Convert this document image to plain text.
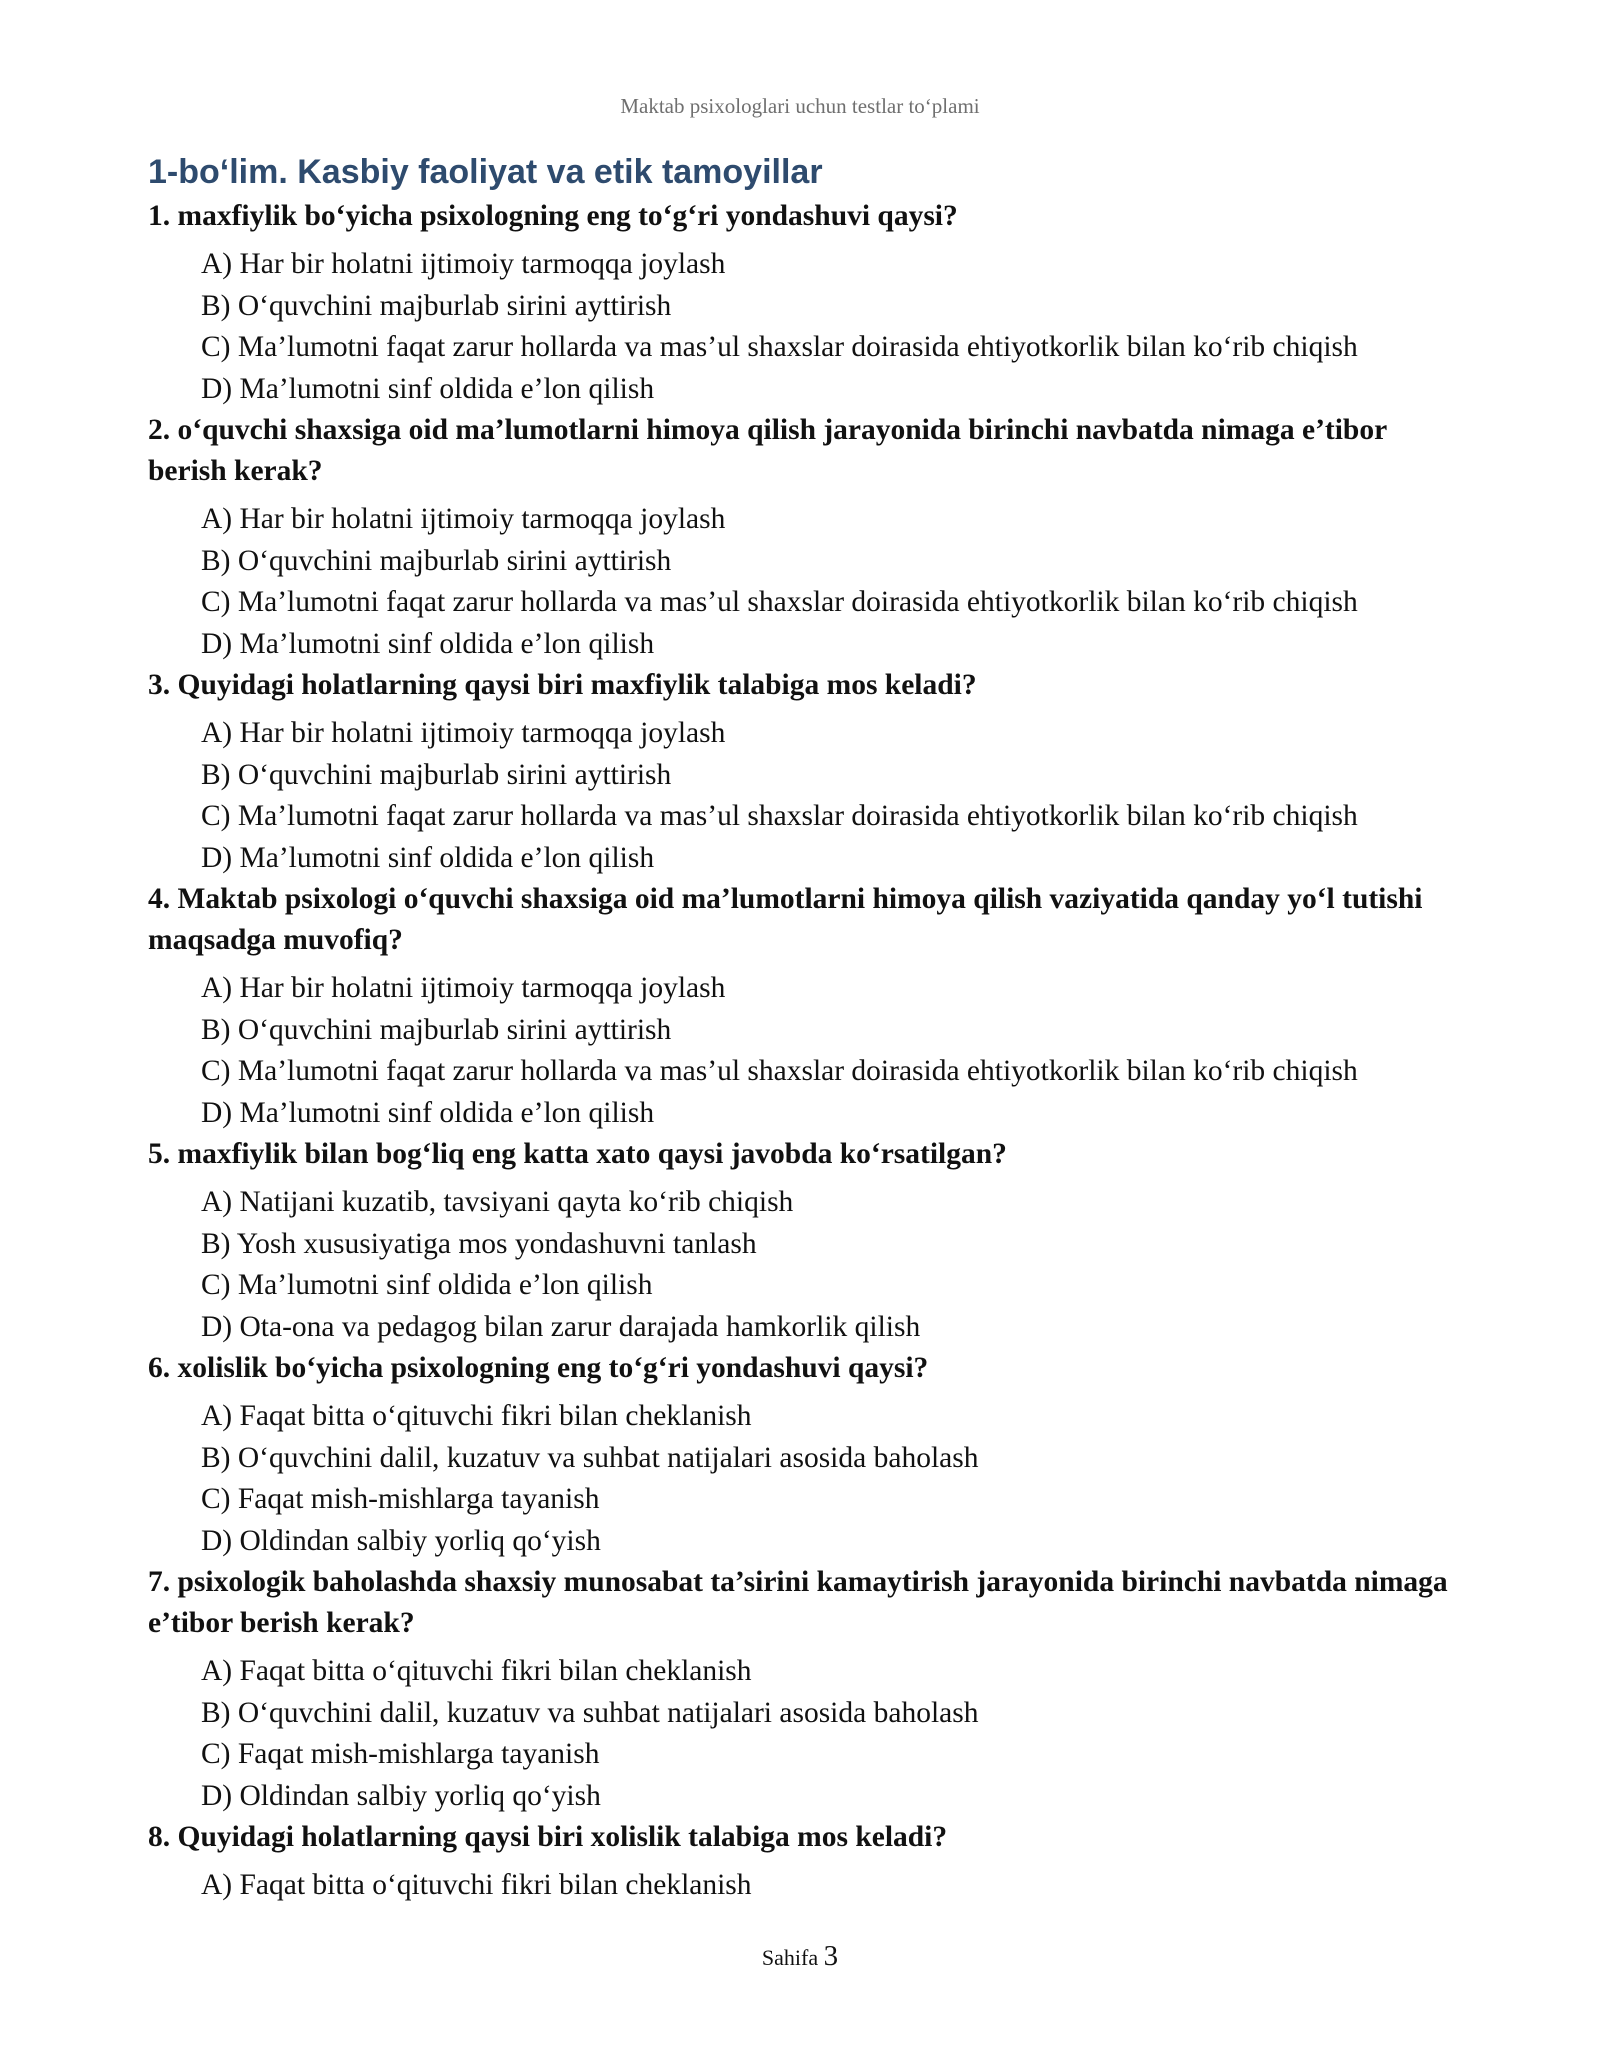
Maktab psixologlari uchun testlar to‘plami
1-bo‘lim. Kasbiy faoliyat va etik tamoyillar
1. maxfiylik bo‘yicha psixologning eng to‘g‘ri yondashuvi qaysi?
A) Har bir holatni ijtimoiy tarmoqqa joylash
B) O‘quvchini majburlab sirini ayttirish
C) Ma’lumotni faqat zarur hollarda va mas’ul shaxslar doirasida ehtiyotkorlik bilan ko‘rib chiqish
D) Ma’lumotni sinf oldida e’lon qilish
2. o‘quvchi shaxsiga oid ma’lumotlarni himoya qilish jarayonida birinchi navbatda nimaga e’tibor berish kerak?
A) Har bir holatni ijtimoiy tarmoqqa joylash
B) O‘quvchini majburlab sirini ayttirish
C) Ma’lumotni faqat zarur hollarda va mas’ul shaxslar doirasida ehtiyotkorlik bilan ko‘rib chiqish
D) Ma’lumotni sinf oldida e’lon qilish
3. Quyidagi holatlarning qaysi biri maxfiylik talabiga mos keladi?
A) Har bir holatni ijtimoiy tarmoqqa joylash
B) O‘quvchini majburlab sirini ayttirish
C) Ma’lumotni faqat zarur hollarda va mas’ul shaxslar doirasida ehtiyotkorlik bilan ko‘rib chiqish
D) Ma’lumotni sinf oldida e’lon qilish
4. Maktab psixologi o‘quvchi shaxsiga oid ma’lumotlarni himoya qilish vaziyatida qanday yo‘l tutishi maqsadga muvofiq?
A) Har bir holatni ijtimoiy tarmoqqa joylash
B) O‘quvchini majburlab sirini ayttirish
C) Ma’lumotni faqat zarur hollarda va mas’ul shaxslar doirasida ehtiyotkorlik bilan ko‘rib chiqish
D) Ma’lumotni sinf oldida e’lon qilish
5. maxfiylik bilan bog‘liq eng katta xato qaysi javobda ko‘rsatilgan?
A) Natijani kuzatib, tavsiyani qayta ko‘rib chiqish
B) Yosh xususiyatiga mos yondashuvni tanlash
C) Ma’lumotni sinf oldida e’lon qilish
D) Ota-ona va pedagog bilan zarur darajada hamkorlik qilish
6. xolislik bo‘yicha psixologning eng to‘g‘ri yondashuvi qaysi?
A) Faqat bitta o‘qituvchi fikri bilan cheklanish
B) O‘quvchini dalil, kuzatuv va suhbat natijalari asosida baholash
C) Faqat mish-mishlarga tayanish
D) Oldindan salbiy yorliq qo‘yish
7. psixologik baholashda shaxsiy munosabat ta’sirini kamaytirish jarayonida birinchi navbatda nimaga e’tibor berish kerak?
A) Faqat bitta o‘qituvchi fikri bilan cheklanish
B) O‘quvchini dalil, kuzatuv va suhbat natijalari asosida baholash
C) Faqat mish-mishlarga tayanish
D) Oldindan salbiy yorliq qo‘yish
8. Quyidagi holatlarning qaysi biri xolislik talabiga mos keladi?
A) Faqat bitta o‘qituvchi fikri bilan cheklanish
Sahifa 3
